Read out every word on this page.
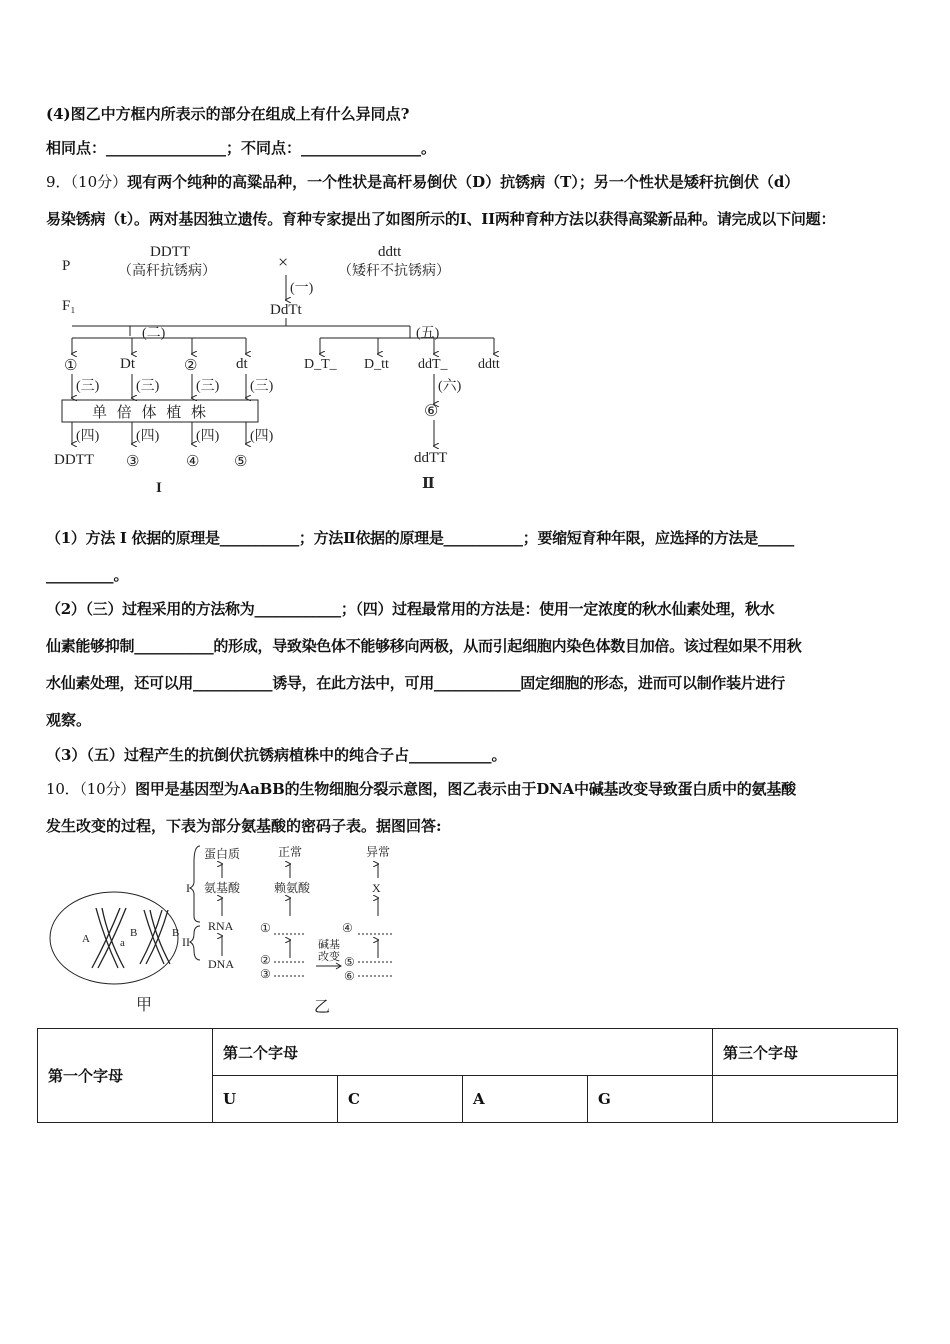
(4)图乙中方框内所表示的部分在组成上有什么异同点?
相同点：________________；不同点：________________。
9．（10分）现有两个纯种的高粱品种，一个性状是高杆易倒伏（D）抗锈病（T）；另一个性状是矮秆抗倒伏（d）
易染锈病（t）。两对基因独立遗传。育种专家提出了如图所示的I、II两种育种方法以获得高粱新品种。请完成以下问题：
P
F₁
DDTT
（高秆抗锈病）	×	ddtt
（矮秆不抗锈病）
(一)
DdTt
(二)	(五)
①	Dt	②	dt	D_T_ D_tt ddT_ ddtt
(三)	(三)	(三) (三)	(六)
单 倍 体 植 株	⑥
(四)	(四)	(四) (四)
DDTT ③	④ ⑤	ddTT
I	Ⅱ
（1）方法 I 依据的原理是___________；方法Ⅱ依据的原理是___________；要缩短育种年限，应选择的方法是_____
_________。
（2）（三）过程采用的方法称为____________；（四）过程最常用的方法是：使用一定浓度的秋水仙素处理，秋水
仙素能够抑制___________的形成，导致染色体不能够移向两极，从而引起细胞内染色体数目加倍。该过程如果不用秋
水仙素处理，还可以用___________诱导，在此方法中，可用____________固定细胞的形态，进而可以制作装片进行
观察。
（3）（五）过程产生的抗倒伏抗锈病植株中的纯合子占___________。
10．（10分）图甲是基因型为AaBB的生物细胞分裂示意图，图乙表示由于DNA中碱基改变导致蛋白质中的氨基酸
发生改变的过程，下表为部分氨基酸的密码子表。据图回答:
A	a
B	B
甲
蛋白质
氨基酸
RNA
DNA
I
II
正常
赖氨酸
①
②
③
异常
X
④
⑤
⑥
碱基
改变
乙
第一个字母	第二个字母				第三个字母
	U	C	A	G	
